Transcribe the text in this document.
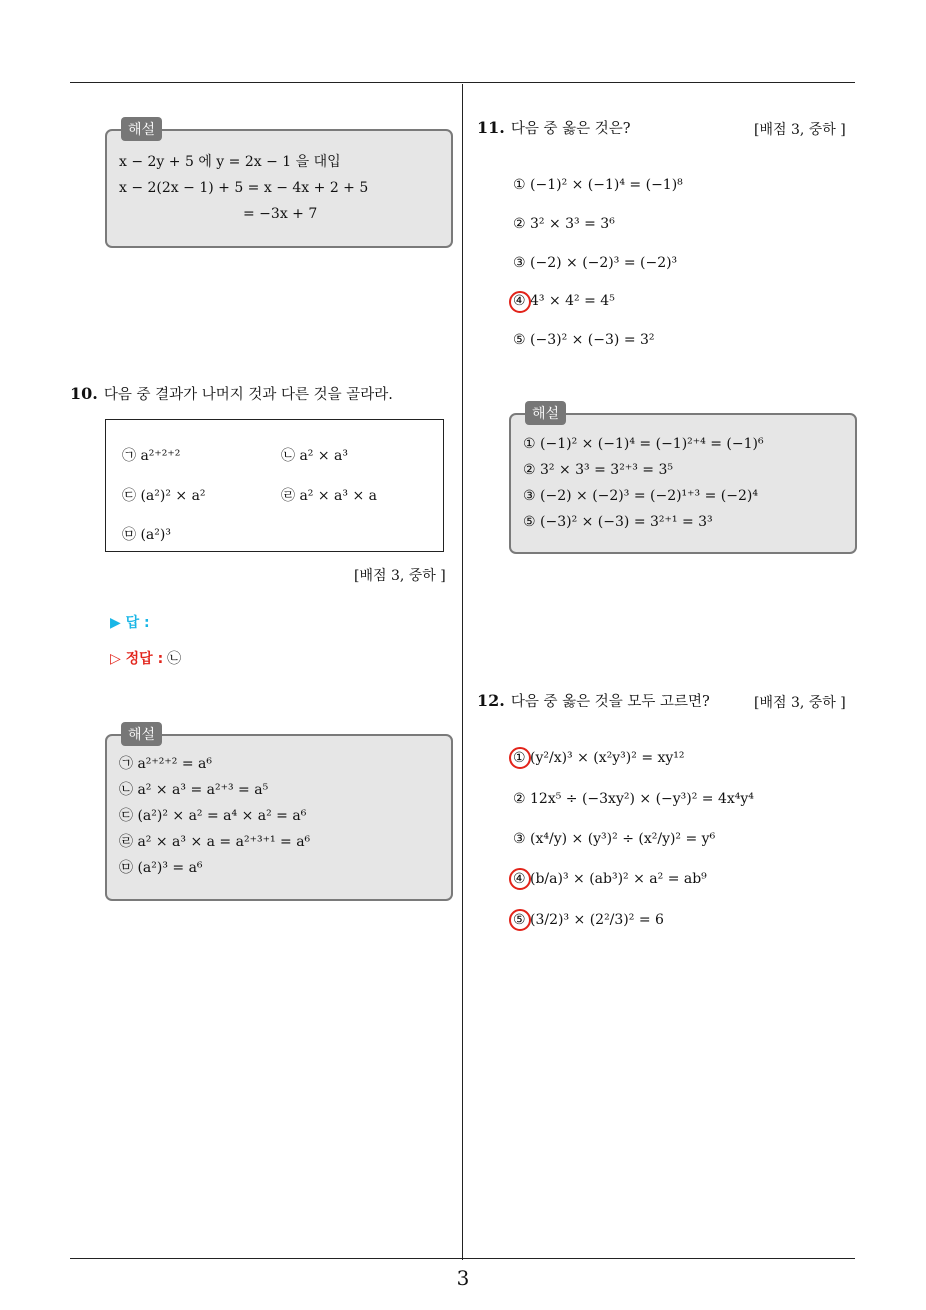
3
해설
x − 2y + 5 에 y = 2x − 1 을 대입
x − 2(2x − 1) + 5 = x − 4x + 2 + 5
= −3x + 7
10. 다음 중 결과가 나머지 것과 다른 것을 골라라.
㉠ a²⁺²⁺²	㉡ a² × a³
㉢ (a²)² × a²	㉣ a² × a³ × a
㉤ (a²)³
[배점 3, 중하 ]
▶ 답 :
▷ 정답 : ㉡
해설
㉠ a²⁺²⁺² = a⁶
㉡ a² × a³ = a²⁺³ = a⁵
㉢ (a²)² × a² = a⁴ × a² = a⁶
㉣ a² × a³ × a = a²⁺³⁺¹ = a⁶
㉤ (a²)³ = a⁶
11. 다음 중 옳은 것은?	[배점 3, 중하 ]
① (−1)² × (−1)⁴ = (−1)⁸
② 3² × 3³ = 3⁶
③ (−2) × (−2)³ = (−2)³
④ 4³ × 4² = 4⁵
⑤ (−3)² × (−3) = 3²
해설
① (−1)² × (−1)⁴ = (−1)²⁺⁴ = (−1)⁶
② 3² × 3³ = 3²⁺³ = 3⁵
③ (−2) × (−2)³ = (−2)¹⁺³ = (−2)⁴
⑤ (−3)² × (−3) = 3²⁺¹ = 3³
12. 다음 중 옳은 것을 모두 고르면?	[배점 3, 중하 ]
① (y²/x)³ × (x²y³)² = xy¹²
② 12x⁵ ÷ (−3xy²) × (−y³)² = 4x⁴y⁴
③ (x⁴/y) × (y³)² ÷ (x²/y)² = y⁶
④ (b/a)³ × (ab³)² × a² = ab⁹
⑤ (3/2)³ × (2²/3)² = 6
